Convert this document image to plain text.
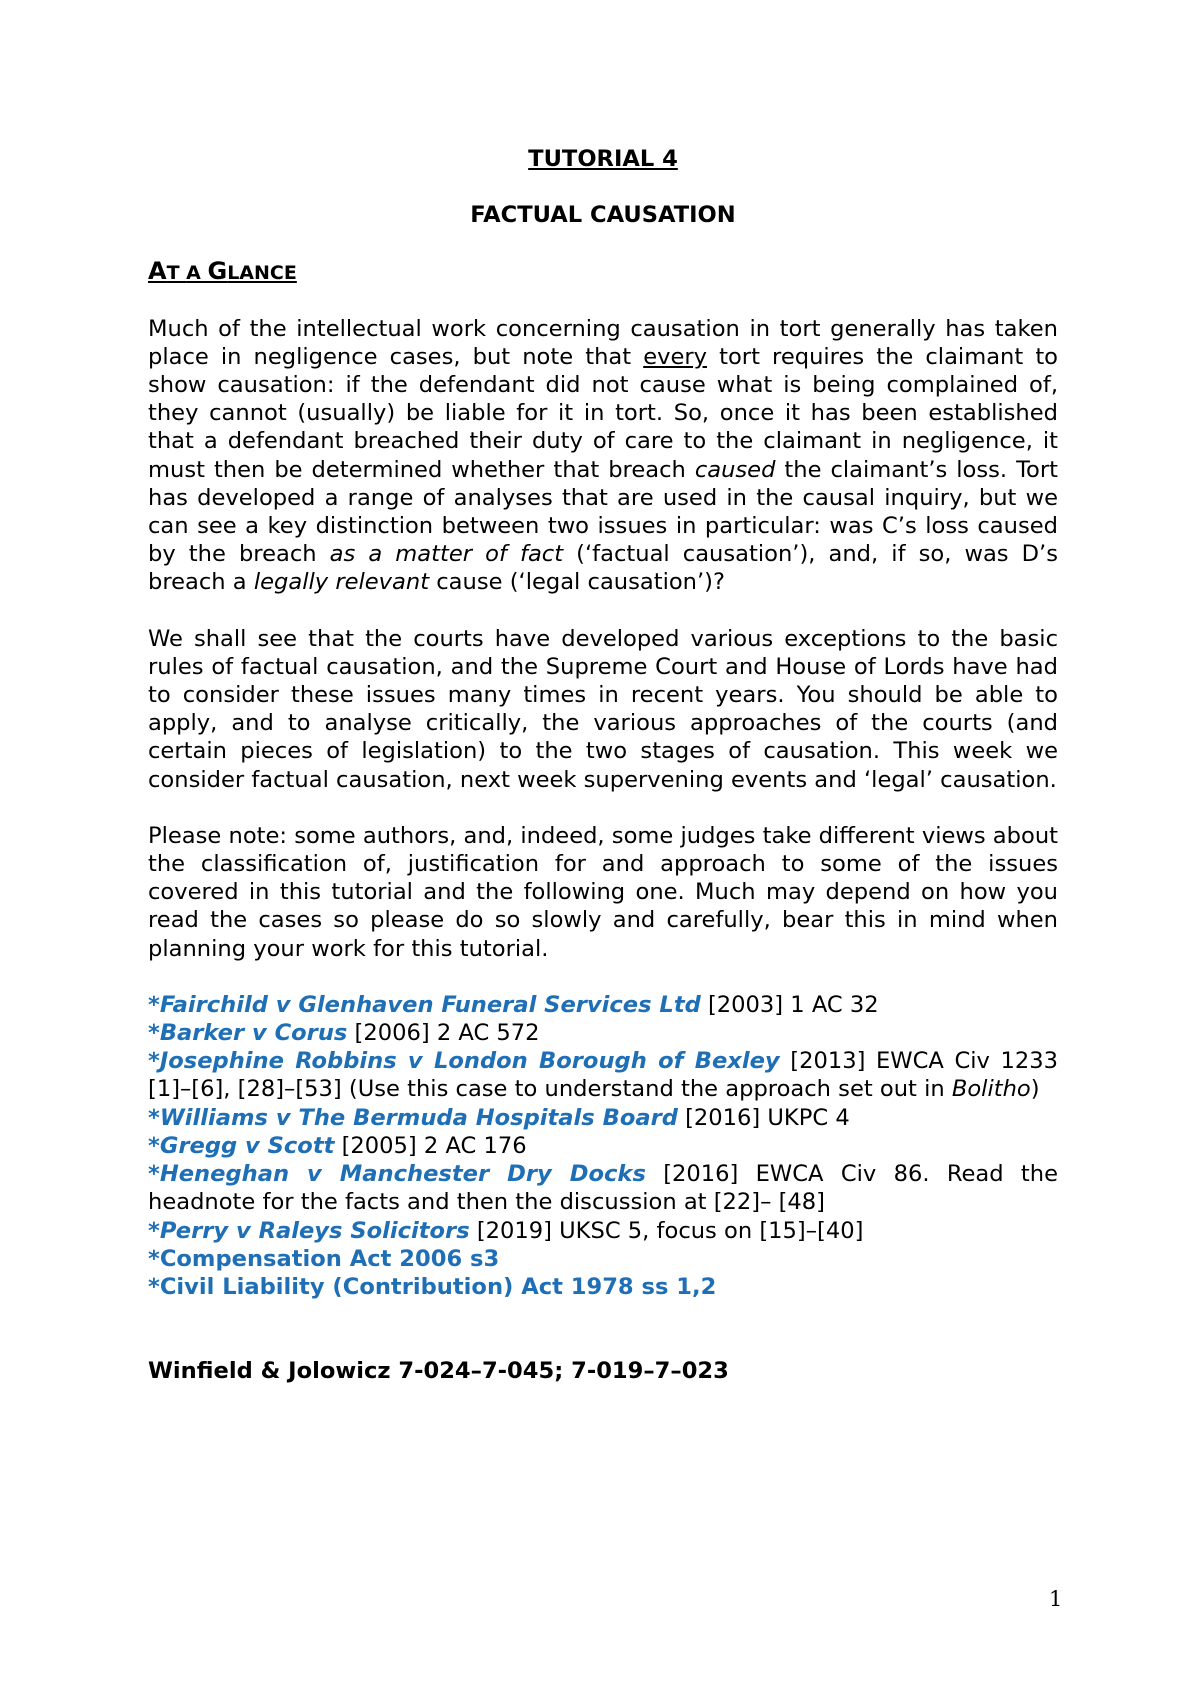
TUTORIAL 4

FACTUAL CAUSATION

AT A GLANCE

Much of the intellectual work concerning causation in tort generally has taken place in negligence cases, but note that every tort requires the claimant to show causation: if the defendant did not cause what is being complained of, they cannot (usually) be liable for it in tort. So, once it has been established that a defendant breached their duty of care to the claimant in negligence, it must then be determined whether that breach caused the claimant’s loss. Tort has developed a range of analyses that are used in the causal inquiry, but we can see a key distinction between two issues in particular: was C’s loss caused by the breach as a matter of fact (‘factual causation’), and, if so, was D’s breach a legally relevant cause (‘legal causation’)?

We shall see that the courts have developed various exceptions to the basic rules of factual causation, and the Supreme Court and House of Lords have had to consider these issues many times in recent years. You should be able to apply, and to analyse critically, the various approaches of the courts (and certain pieces of legislation) to the two stages of causation. This week we consider factual causation, next week supervening events and ‘legal’ causation.

Please note: some authors, and, indeed, some judges take different views about the classification of, justification for and approach to some of the issues covered in this tutorial and the following one. Much may depend on how you read the cases so please do so slowly and carefully, bear this in mind when planning your work for this tutorial.

*Fairchild v Glenhaven Funeral Services Ltd [2003] 1 AC 32

*Barker v Corus [2006] 2 AC 572

*Josephine Robbins v London Borough of Bexley [2013] EWCA Civ 1233 [1]–[6], [28]–[53] (Use this case to understand the approach set out in Bolitho)

*Williams v The Bermuda Hospitals Board [2016] UKPC 4

*Gregg v Scott [2005] 2 AC 176

*Heneghan v Manchester Dry Docks [2016] EWCA Civ 86. Read the headnote for the facts and then the discussion at [22]– [48]

*Perry v Raleys Solicitors [2019] UKSC 5, focus on [15]–[40]

*Compensation Act 2006 s3

*Civil Liability (Contribution) Act 1978 ss 1,2

Winfield & Jolowicz 7-024–7-045; 7-019–7–023

1
